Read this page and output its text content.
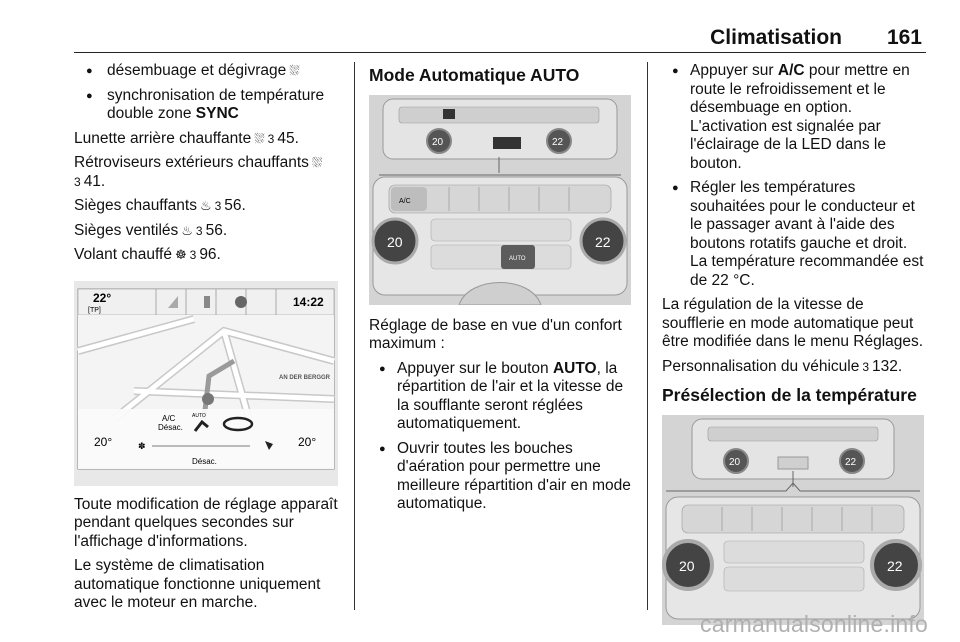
Climatisation 161
● désembuage et dégivrage ⛆
● synchronisation de température double zone SYNC

Lunette arrière chauffante ⛆ 3 45.

Rétroviseurs extérieurs chauffants ⛆
3 41.

Sièges chauffants ♨ 3 56.

Sièges ventilés ♨ 3 56.

Volant chauffé ☸ 3 96.

22°
[TP]
14:22
AN DER BERGGR
A/C
Désac.
AUTO
20°	20°
✽
Désac.

Toute modification de réglage apparaît pendant quelques secondes sur l'affichage d'informations.

Le système de climatisation automatique fonctionne uniquement avec le moteur en marche.

Mode Automatique AUTO
20	22
A/C
20	22
AUTO

Réglage de base en vue d'un confort maximum :

● Appuyer sur le bouton AUTO, la répartition de l'air et la vitesse de la soufflante seront réglées automatiquement.
● Ouvrir toutes les bouches d'aération pour permettre une meilleure répartition d'air en mode automatique.
● Appuyer sur A/C pour mettre en route le refroidissement et le désembuage en option. L'activation est signalée par l'éclairage de la LED dans le bouton.
● Régler les températures souhaitées pour le conducteur et le passager avant à l'aide des boutons rotatifs gauche et droit. La température recommandée est de 22 °C.

La régulation de la vitesse de soufflerie en mode automatique peut être modifiée dans le menu Réglages.

Personnalisation du véhicule 3 132.

Présélection de la température
20	22
20	22
carmanualsonline.info
